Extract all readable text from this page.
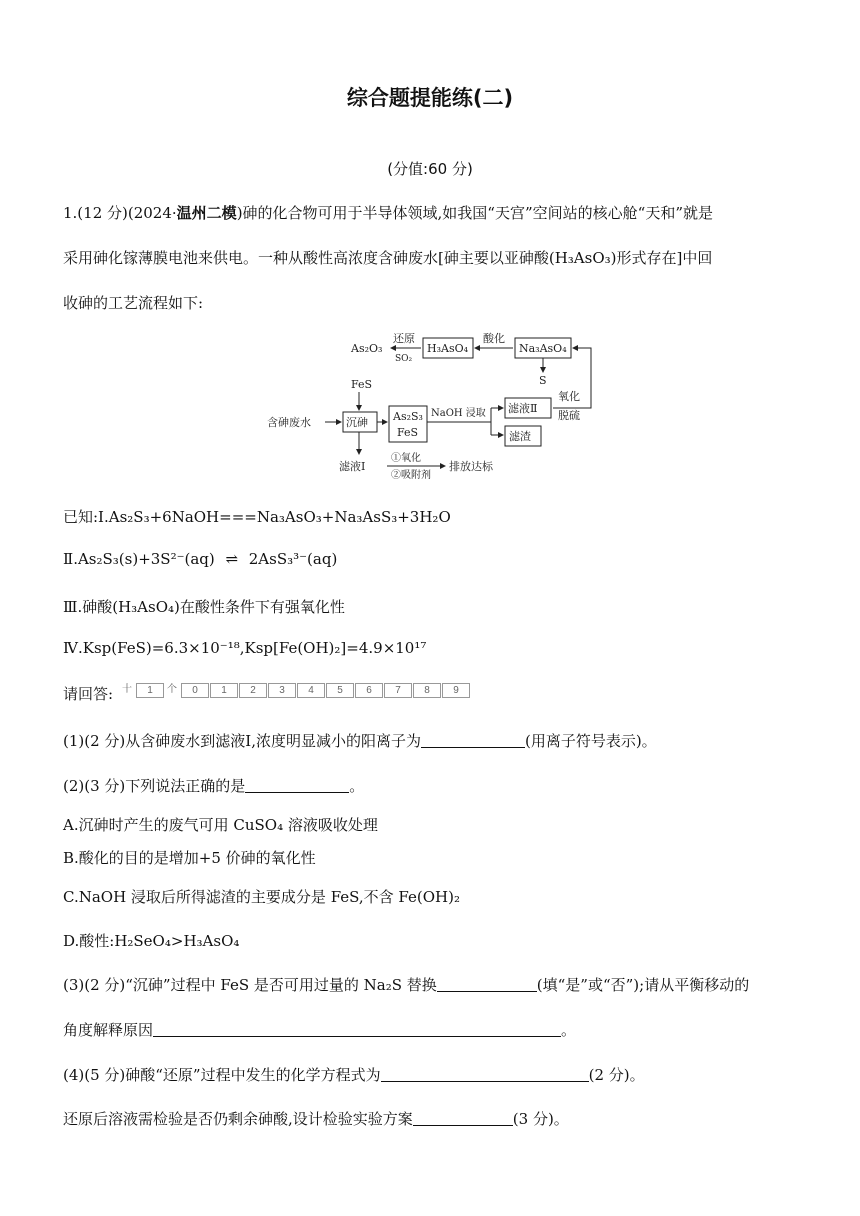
综合题提能练(二)
(分值:60 分)
1.(12 分)(2024·温州二模)砷的化合物可用于半导体领域,如我国“天宫”空间站的核心舱“天和”就是
采用砷化镓薄膜电池来供电。一种从酸性高浓度含砷废水[砷主要以亚砷酸(H₃AsO₃)形式存在]中回
收砷的工艺流程如下:
As₂O₃
还原
SO₂
H₃AsO₄
酸化
Na₃AsO₄
S
氧化
脱硫
FeS
含砷废水	沉砷 As₂S₃
FeS
NaOH 浸取 滤液Ⅱ
滤渣
滤液Ⅰ
①氧化
②吸附剂
排放达标
已知:Ⅰ.As₂S₃+6NaOH===Na₃AsO₃+Na₃AsS₃+3H₂O
Ⅱ.As₂S₃(s)+3S²⁻(aq) ⇌ 2AsS₃³⁻(aq)
Ⅲ.砷酸(H₃AsO₄)在酸性条件下有强氧化性
Ⅳ.Ksp(FeS)=6.3×10⁻¹⁸,Ksp[Fe(OH)₂]=4.9×10¹⁷
请回答: 十	1	个	0	1	2	3	4	5	6	7	8	9
(1)(2 分)从含砷废水到滤液Ⅰ,浓度明显减小的阳离子为	(用离子符号表示)。
(2)(3 分)下列说法正确的是	。
A.沉砷时产生的废气可用 CuSO₄ 溶液吸收处理
B.酸化的目的是增加+5 价砷的氧化性
C.NaOH 浸取后所得滤渣的主要成分是 FeS,不含 Fe(OH)₂
D.酸性:H₂SeO₄>H₃AsO₄
(3)(2 分)“沉砷”过程中 FeS 是否可用过量的 Na₂S 替换	(填“是”或“否”);请从平衡移动的
角度解释原因	。
(4)(5 分)砷酸“还原”过程中发生的化学方程式为	(2 分)。
还原后溶液需检验是否仍剩余砷酸,设计检验实验方案	(3 分)。
